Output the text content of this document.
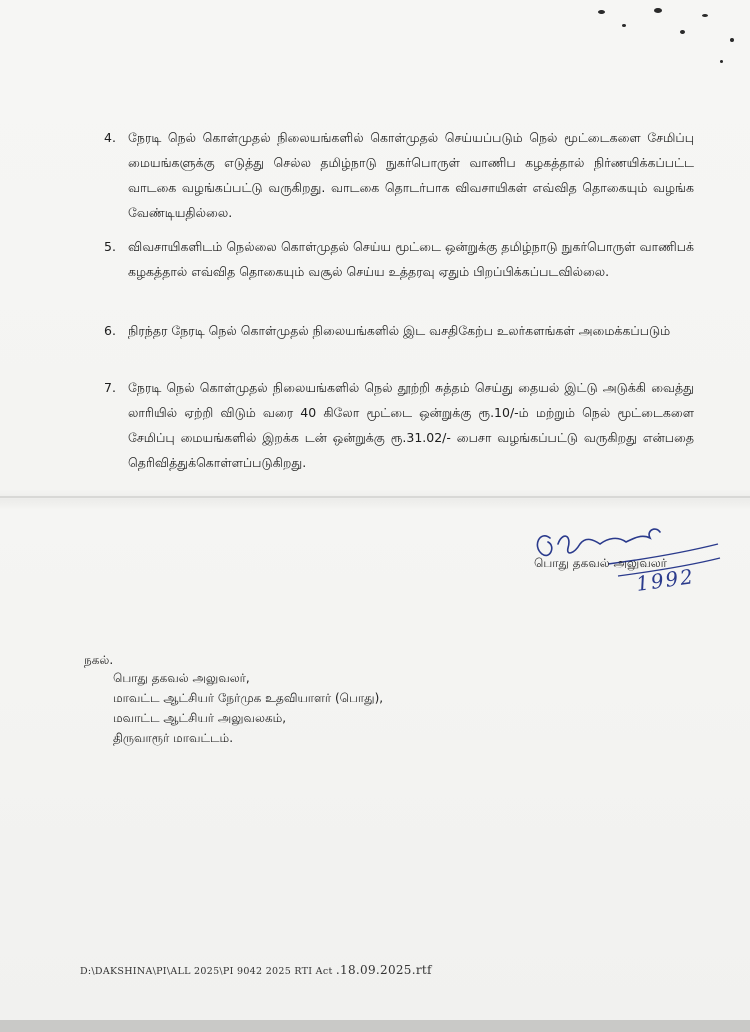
4. நேரடி நெல் கொள்முதல் நிலையங்களில் கொள்முதல் செய்யப்படும் நெல் மூட்டைகளை சேமிப்பு மையங்களுக்கு எடுத்து செல்ல தமிழ்நாடு நுகர்பொருள் வாணிப கழகத்தால் நிர்ணயிக்கப்பட்ட வாடகை வழங்கப்பட்டு வருகிறது. வாடகை தொடர்பாக விவசாயிகள் எவ்வித தொகையும் வழங்க வேண்டியதில்லை.
5. விவசாயிகளிடம் நெல்லை கொள்முதல் செய்ய மூட்டை ஒன்றுக்கு தமிழ்நாடு நுகர்பொருள் வாணிபக் கழகத்தால் எவ்வித தொகையும் வசூல் செய்ய உத்தரவு ஏதும் பிறப்பிக்கப்படவில்லை.
6. நிரந்தர நேரடி நெல் கொள்முதல் நிலையங்களில் இட வசதிகேற்ப உலர்களங்கள் அமைக்கப்படும்
7. நேரடி நெல் கொள்முதல் நிலையங்களில் நெல் தூற்றி சுத்தம் செய்து தையல் இட்டு அடுக்கி வைத்து லாரியில் ஏற்றி விடும் வரை 40 கிலோ மூட்டை ஒன்றுக்கு ரூ.10/-ம் மற்றும் நெல் மூட்டைகளை சேமிப்பு மையங்களில் இறக்க டன் ஒன்றுக்கு ரூ.31.02/- பைசா வழங்கப்பட்டு வருகிறது என்பதை தெரிவித்துக்கொள்ளப்படுகிறது.
பொது தகவல் அலுவலர்
1992
நகல்.
பொது தகவல் அலுவலர்,
மாவட்ட ஆட்சியர் நேர்முக உதவியாளர் (பொது),
மவாட்ட ஆட்சியர் அலுவலகம்,
திருவாரூர் மாவட்டம்.
D:\DAKSHINA\PI\ALL 2025\PI 9042 2025 RTI Act .18.09.2025.rtf
